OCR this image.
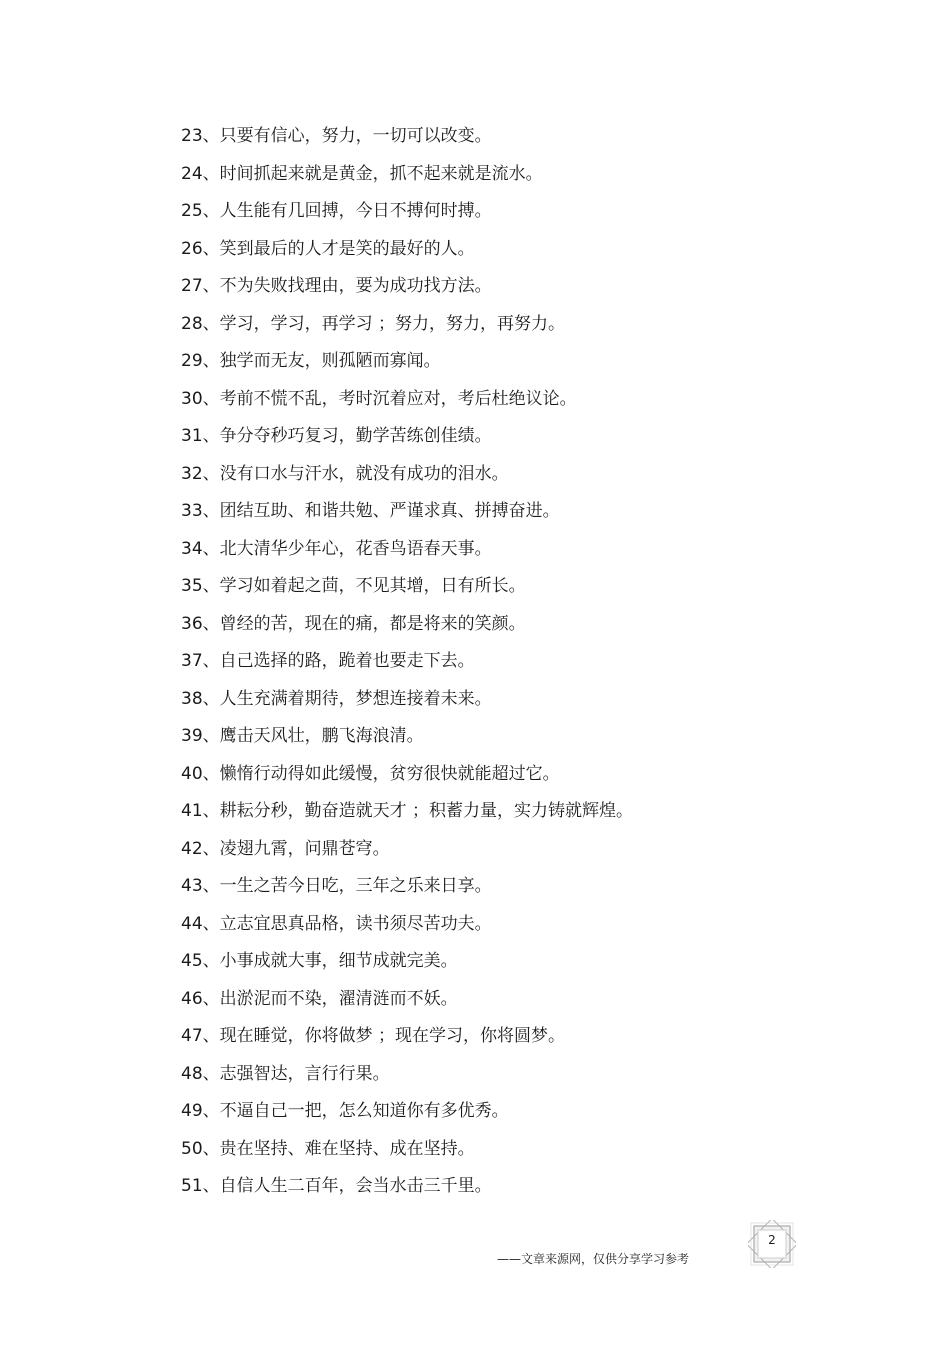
23、只要有信心，努力，一切可以改变。
24、时间抓起来就是黄金，抓不起来就是流水。
25、人生能有几回搏，今日不搏何时搏。
26、笑到最后的人才是笑的最好的人。
27、不为失败找理由，要为成功找方法。
28、学习，学习，再学习 ；努力，努力，再努力。
29、独学而无友，则孤陋而寡闻。
30、考前不慌不乱，考时沉着应对，考后杜绝议论。
31、争分夺秒巧复习，勤学苦练创佳绩。
32、没有口水与汗水，就没有成功的泪水。
33、团结互助、和谐共勉、严谨求真、拼搏奋进。
34、北大清华少年心，花香鸟语春天事。
35、学习如着起之茴，不见其增，日有所长。
36、曾经的苦，现在的痛，都是将来的笑颜。
37、自己选择的路，跪着也要走下去。
38、人生充满着期待，梦想连接着未来。
39、鹰击天风壮，鹏飞海浪清。
40、懒惰行动得如此缓慢，贫穷很快就能超过它。
41、耕耘分秒，勤奋造就天才 ；积蓄力量，实力铸就辉煌。
42、凌翅九霄，问鼎苍穹。
43、一生之苦今日吃，三年之乐来日享。
44、立志宜思真品格，读书须尽苦功夫。
45、小事成就大事，细节成就完美。
46、出淤泥而不染，濯清涟而不妖。
47、现在睡觉，你将做梦 ；现在学习，你将圆梦。
48、志强智达，言行行果。
49、不逼自己一把，怎么知道你有多优秀。
50、贵在坚持、难在坚持、成在坚持。
51、自信人生二百年，会当水击三千里。
——文章来源网，仅供分享学习参考
2
